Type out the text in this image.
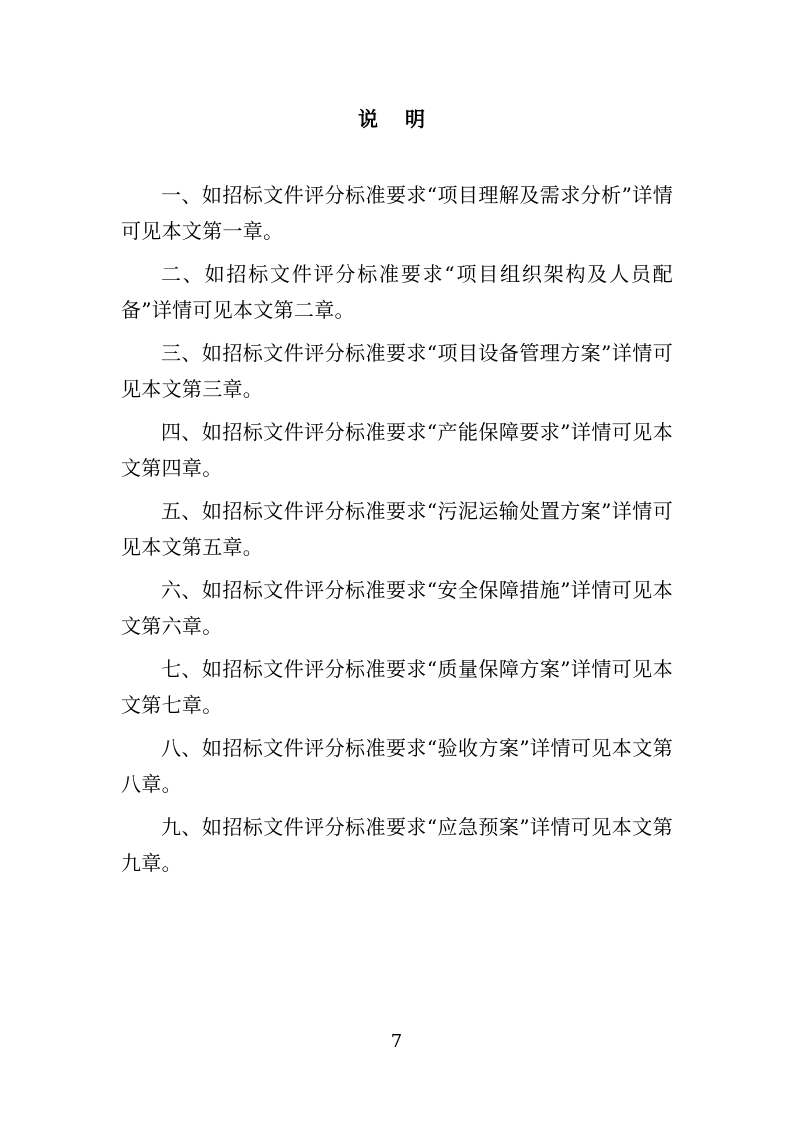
说 明

一、如招标文件评分标准要求“项目理解及需求分析”详情可见本文第一章。

二、如招标文件评分标准要求“项目组织架构及人员配备”详情可见本文第二章。

三、如招标文件评分标准要求“项目设备管理方案”详情可见本文第三章。

四、如招标文件评分标准要求“产能保障要求”详情可见本文第四章。

五、如招标文件评分标准要求“污泥运输处置方案”详情可见本文第五章。

六、如招标文件评分标准要求“安全保障措施”详情可见本文第六章。

七、如招标文件评分标准要求“质量保障方案”详情可见本文第七章。

八、如招标文件评分标准要求“验收方案”详情可见本文第八章。

九、如招标文件评分标准要求“应急预案”详情可见本文第九章。

7
